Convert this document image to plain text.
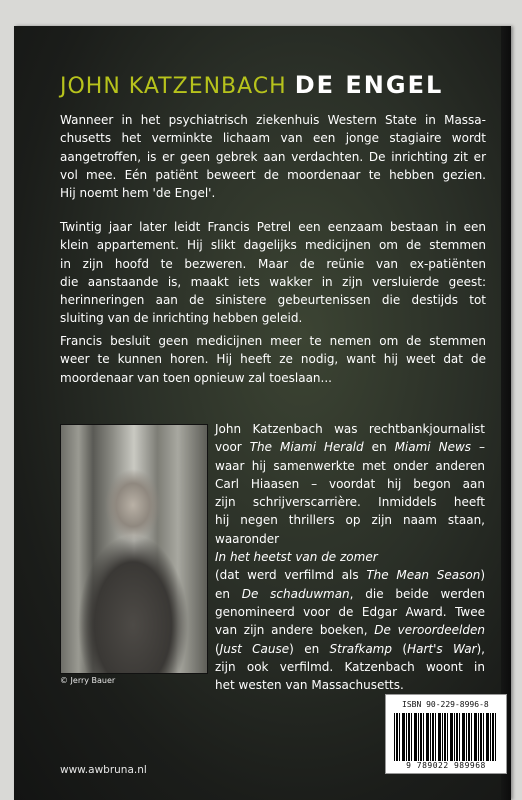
JOHN KATZENBACH DE ENGEL
Wanneer in het psychiatrisch ziekenhuis Western State in Massa-
chusetts het verminkte lichaam van een jonge stagiaire wordt
aangetroffen, is er geen gebrek aan verdachten. De inrichting zit er
vol mee. Eén patiënt beweert de moordenaar te hebben gezien.
Hij noemt hem 'de Engel'.
Twintig jaar later leidt Francis Petrel een eenzaam bestaan in een
klein appartement. Hij slikt dagelijks medicijnen om de stemmen
in zijn hoofd te bezweren. Maar de reünie van ex-patiënten
die aanstaande is, maakt iets wakker in zijn versluierde geest:
herinneringen aan de sinistere gebeurtenissen die destijds tot
sluiting van de inrichting hebben geleid.
Francis besluit geen medicijnen meer te nemen om de stemmen
weer te kunnen horen. Hij heeft ze nodig, want hij weet dat de
moordenaar van toen opnieuw zal toeslaan...
© Jerry Bauer
John Katzenbach was rechtbankjournalist
voor The Miami Herald en Miami News –
waar hij samenwerkte met onder anderen
Carl Hiaasen – voordat hij begon aan
zijn schrijverscarrière. Inmiddels heeft
hij negen thrillers op zijn naam staan,
waaronder
In het heetst van de zomer
(dat werd verfilmd als The Mean Season)
en De schaduwman, die beide werden
genomineerd voor de Edgar Award. Twee
van zijn andere boeken, De veroordeelden
(Just Cause) en Strafkamp (Hart's War),
zijn ook verfilmd. Katzenbach woont in
het westen van Massachusetts.
www.awbruna.nl
ISBN 90-229-8996-8
9 789022 989968
